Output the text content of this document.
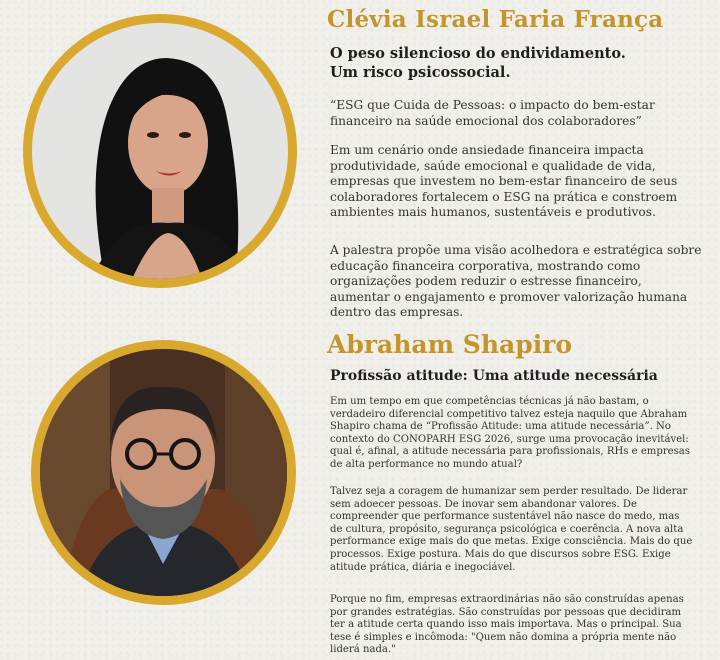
Clévia Israel Faria França
O peso silencioso do endividamento.
Um risco psicossocial.
“ESG que Cuida de Pessoas: o impacto do bem-estar financeiro na saúde emocional dos colaboradores”
Em um cenário onde ansiedade financeira impacta produtividade, saúde emocional e qualidade de vida, empresas que investem no bem-estar financeiro de seus colaboradores fortalecem o ESG na prática e constroem ambientes mais humanos, sustentáveis e produtivos.
A palestra propõe uma visão acolhedora e estratégica sobre educação financeira corporativa, mostrando como organizações podem reduzir o estresse financeiro, aumentar o engajamento e promover valorização humana dentro das empresas.
Abraham Shapiro
Profissão atitude: Uma atitude necessária
Em um tempo em que competências técnicas já não bastam, o verdadeiro diferencial competitivo talvez esteja naquilo que Abraham Shapiro chama de “Profissão Atitude: uma atitude necessária”. No contexto do CONOPARH ESG 2026, surge uma provocação inevitável: qual é, afinal, a atitude necessária para profissionais, RHs e empresas de alta performance no mundo atual?
Talvez seja a coragem de humanizar sem perder resultado. De liderar sem adoecer pessoas. De inovar sem abandonar valores. De compreender que performance sustentável não nasce do medo, mas de cultura, propósito, segurança psicológica e coerência. A nova alta performance exige mais do que metas. Exige consciência. Mais do que processos. Exige postura. Mais do que discursos sobre ESG. Exige atitude prática, diária e inegociável.
Porque no fim, empresas extraordinárias não são construídas apenas por grandes estratégias. São construídas por pessoas que decidiram ter a atitude certa quando isso mais importava. Mas o principal. Sua tese é simples e incômoda: "Quem não domina a própria mente não liderá nada."
